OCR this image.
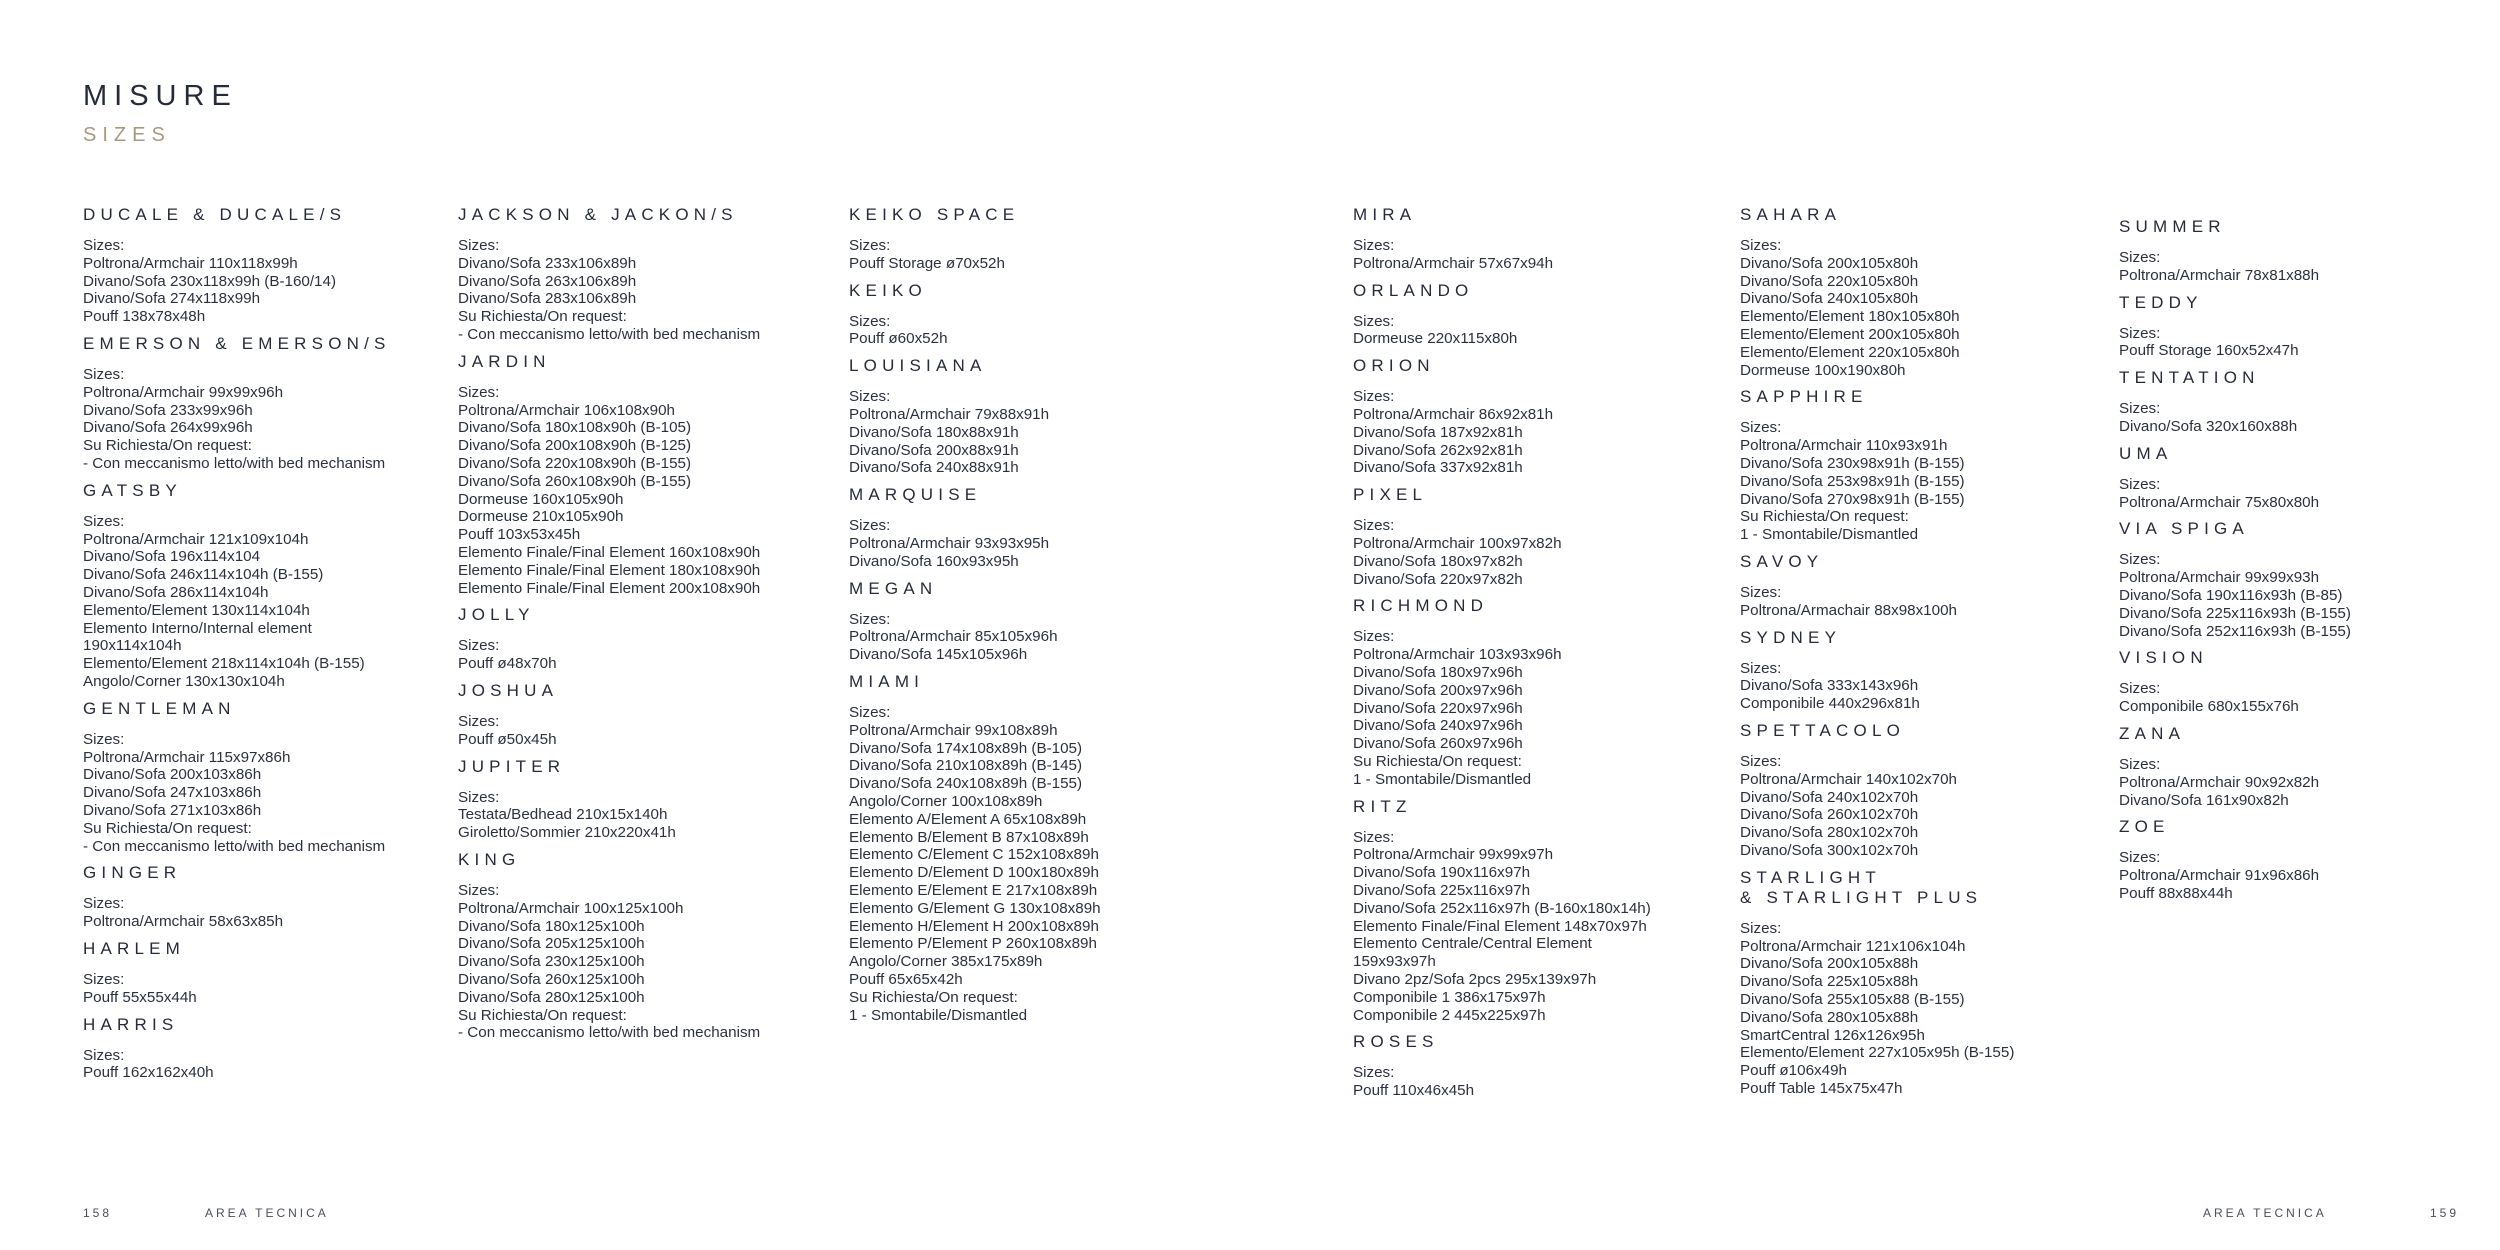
MISURE
SIZES
DUCALE & DUCALE/S
Sizes:
Poltrona/Armchair 110x118x99h
Divano/Sofa 230x118x99h (B-160/14)
Divano/Sofa 274x118x99h
Pouff 138x78x48h
EMERSON & EMERSON/S
Sizes:
Poltrona/Armchair 99x99x96h
Divano/Sofa 233x99x96h
Divano/Sofa 264x99x96h
Su Richiesta/On request:
- Con meccanismo letto/with bed mechanism
GATSBY
Sizes:
Poltrona/Armchair 121x109x104h
Divano/Sofa 196x114x104
Divano/Sofa 246x114x104h (B-155)
Divano/Sofa 286x114x104h
Elemento/Element 130x114x104h
Elemento Interno/Internal element
190x114x104h
Elemento/Element 218x114x104h (B-155)
Angolo/Corner 130x130x104h
GENTLEMAN
Sizes:
Poltrona/Armchair 115x97x86h
Divano/Sofa 200x103x86h
Divano/Sofa 247x103x86h
Divano/Sofa 271x103x86h
Su Richiesta/On request:
- Con meccanismo letto/with bed mechanism
GINGER
Sizes:
Poltrona/Armchair 58x63x85h
HARLEM
Sizes:
Pouff 55x55x44h
HARRIS
Sizes:
Pouff 162x162x40h
JACKSON & JACKON/S
Sizes:
Divano/Sofa 233x106x89h
Divano/Sofa 263x106x89h
Divano/Sofa 283x106x89h
Su Richiesta/On request:
- Con meccanismo letto/with bed mechanism
JARDIN
Sizes:
Poltrona/Armchair 106x108x90h
Divano/Sofa 180x108x90h (B-105)
Divano/Sofa 200x108x90h (B-125)
Divano/Sofa 220x108x90h (B-155)
Divano/Sofa 260x108x90h (B-155)
Dormeuse 160x105x90h
Dormeuse 210x105x90h
Pouff 103x53x45h
Elemento Finale/Final Element 160x108x90h
Elemento Finale/Final Element 180x108x90h
Elemento Finale/Final Element 200x108x90h
JOLLY
Sizes:
Pouff ø48x70h
JOSHUA
Sizes:
Pouff ø50x45h
JUPITER
Sizes:
Testata/Bedhead 210x15x140h
Giroletto/Sommier 210x220x41h
KING
Sizes:
Poltrona/Armchair 100x125x100h
Divano/Sofa 180x125x100h
Divano/Sofa 205x125x100h
Divano/Sofa 230x125x100h
Divano/Sofa 260x125x100h
Divano/Sofa 280x125x100h
Su Richiesta/On request:
- Con meccanismo letto/with bed mechanism
KEIKO SPACE
Sizes:
Pouff Storage ø70x52h
KEIKO
Sizes:
Pouff ø60x52h
LOUISIANA
Sizes:
Poltrona/Armchair 79x88x91h
Divano/Sofa 180x88x91h
Divano/Sofa 200x88x91h
Divano/Sofa 240x88x91h
MARQUISE
Sizes:
Poltrona/Armchair 93x93x95h
Divano/Sofa 160x93x95h
MEGAN
Sizes:
Poltrona/Armchair 85x105x96h
Divano/Sofa 145x105x96h
MIAMI
Sizes:
Poltrona/Armchair 99x108x89h
Divano/Sofa 174x108x89h (B-105)
Divano/Sofa 210x108x89h (B-145)
Divano/Sofa 240x108x89h (B-155)
Angolo/Corner 100x108x89h
Elemento A/Element A 65x108x89h
Elemento B/Element B 87x108x89h
Elemento C/Element C 152x108x89h
Elemento D/Element D 100x180x89h
Elemento E/Element E 217x108x89h
Elemento G/Element G 130x108x89h
Elemento H/Element H 200x108x89h
Elemento P/Element P 260x108x89h
Angolo/Corner 385x175x89h
Pouff 65x65x42h
Su Richiesta/On request:
1 - Smontabile/Dismantled
MIRA
Sizes:
Poltrona/Armchair 57x67x94h
ORLANDO
Sizes:
Dormeuse 220x115x80h
ORION
Sizes:
Poltrona/Armchair 86x92x81h
Divano/Sofa 187x92x81h
Divano/Sofa 262x92x81h
Divano/Sofa 337x92x81h
PIXEL
Sizes:
Poltrona/Armchair 100x97x82h
Divano/Sofa 180x97x82h
Divano/Sofa 220x97x82h
RICHMOND
Sizes:
Poltrona/Armchair 103x93x96h
Divano/Sofa 180x97x96h
Divano/Sofa 200x97x96h
Divano/Sofa 220x97x96h
Divano/Sofa 240x97x96h
Divano/Sofa 260x97x96h
Su Richiesta/On request:
1 - Smontabile/Dismantled
RITZ
Sizes:
Poltrona/Armchair 99x99x97h
Divano/Sofa 190x116x97h
Divano/Sofa 225x116x97h
Divano/Sofa 252x116x97h (B-160x180x14h)
Elemento Finale/Final Element 148x70x97h
Elemento Centrale/Central Element
159x93x97h
Divano 2pz/Sofa 2pcs 295x139x97h
Componibile 1 386x175x97h
Componibile 2 445x225x97h
ROSES
Sizes:
Pouff 110x46x45h
SAHARA
Sizes:
Divano/Sofa 200x105x80h
Divano/Sofa 220x105x80h
Divano/Sofa 240x105x80h
Elemento/Element 180x105x80h
Elemento/Element 200x105x80h
Elemento/Element 220x105x80h
Dormeuse 100x190x80h
SAPPHIRE
Sizes:
Poltrona/Armchair 110x93x91h
Divano/Sofa 230x98x91h (B-155)
Divano/Sofa 253x98x91h (B-155)
Divano/Sofa 270x98x91h (B-155)
Su Richiesta/On request:
1 - Smontabile/Dismantled
SAVOY
Sizes:
Poltrona/Armachair 88x98x100h
SYDNEY
Sizes:
Divano/Sofa 333x143x96h
Componibile 440x296x81h
SPETTACOLO
Sizes:
Poltrona/Armchair 140x102x70h
Divano/Sofa 240x102x70h
Divano/Sofa 260x102x70h
Divano/Sofa 280x102x70h
Divano/Sofa 300x102x70h
STARLIGHT
& STARLIGHT PLUS
Sizes:
Poltrona/Armchair 121x106x104h
Divano/Sofa 200x105x88h
Divano/Sofa 225x105x88h
Divano/Sofa 255x105x88 (B-155)
Divano/Sofa 280x105x88h
SmartCentral 126x126x95h
Elemento/Element 227x105x95h (B-155)
Pouff ø106x49h
Pouff Table 145x75x47h
SUMMER
Sizes:
Poltrona/Armchair 78x81x88h
TEDDY
Sizes:
Pouff Storage 160x52x47h
TENTATION
Sizes:
Divano/Sofa 320x160x88h
UMA
Sizes:
Poltrona/Armchair 75x80x80h
VIA SPIGA
Sizes:
Poltrona/Armchair 99x99x93h
Divano/Sofa 190x116x93h (B-85)
Divano/Sofa 225x116x93h (B-155)
Divano/Sofa 252x116x93h (B-155)
VISION
Sizes:
Componibile 680x155x76h
ZANA
Sizes:
Poltrona/Armchair 90x92x82h
Divano/Sofa 161x90x82h
ZOE
Sizes:
Poltrona/Armchair 91x96x86h
Pouff 88x88x44h
158	AREA TECNICA	AREA TECNICA	159
